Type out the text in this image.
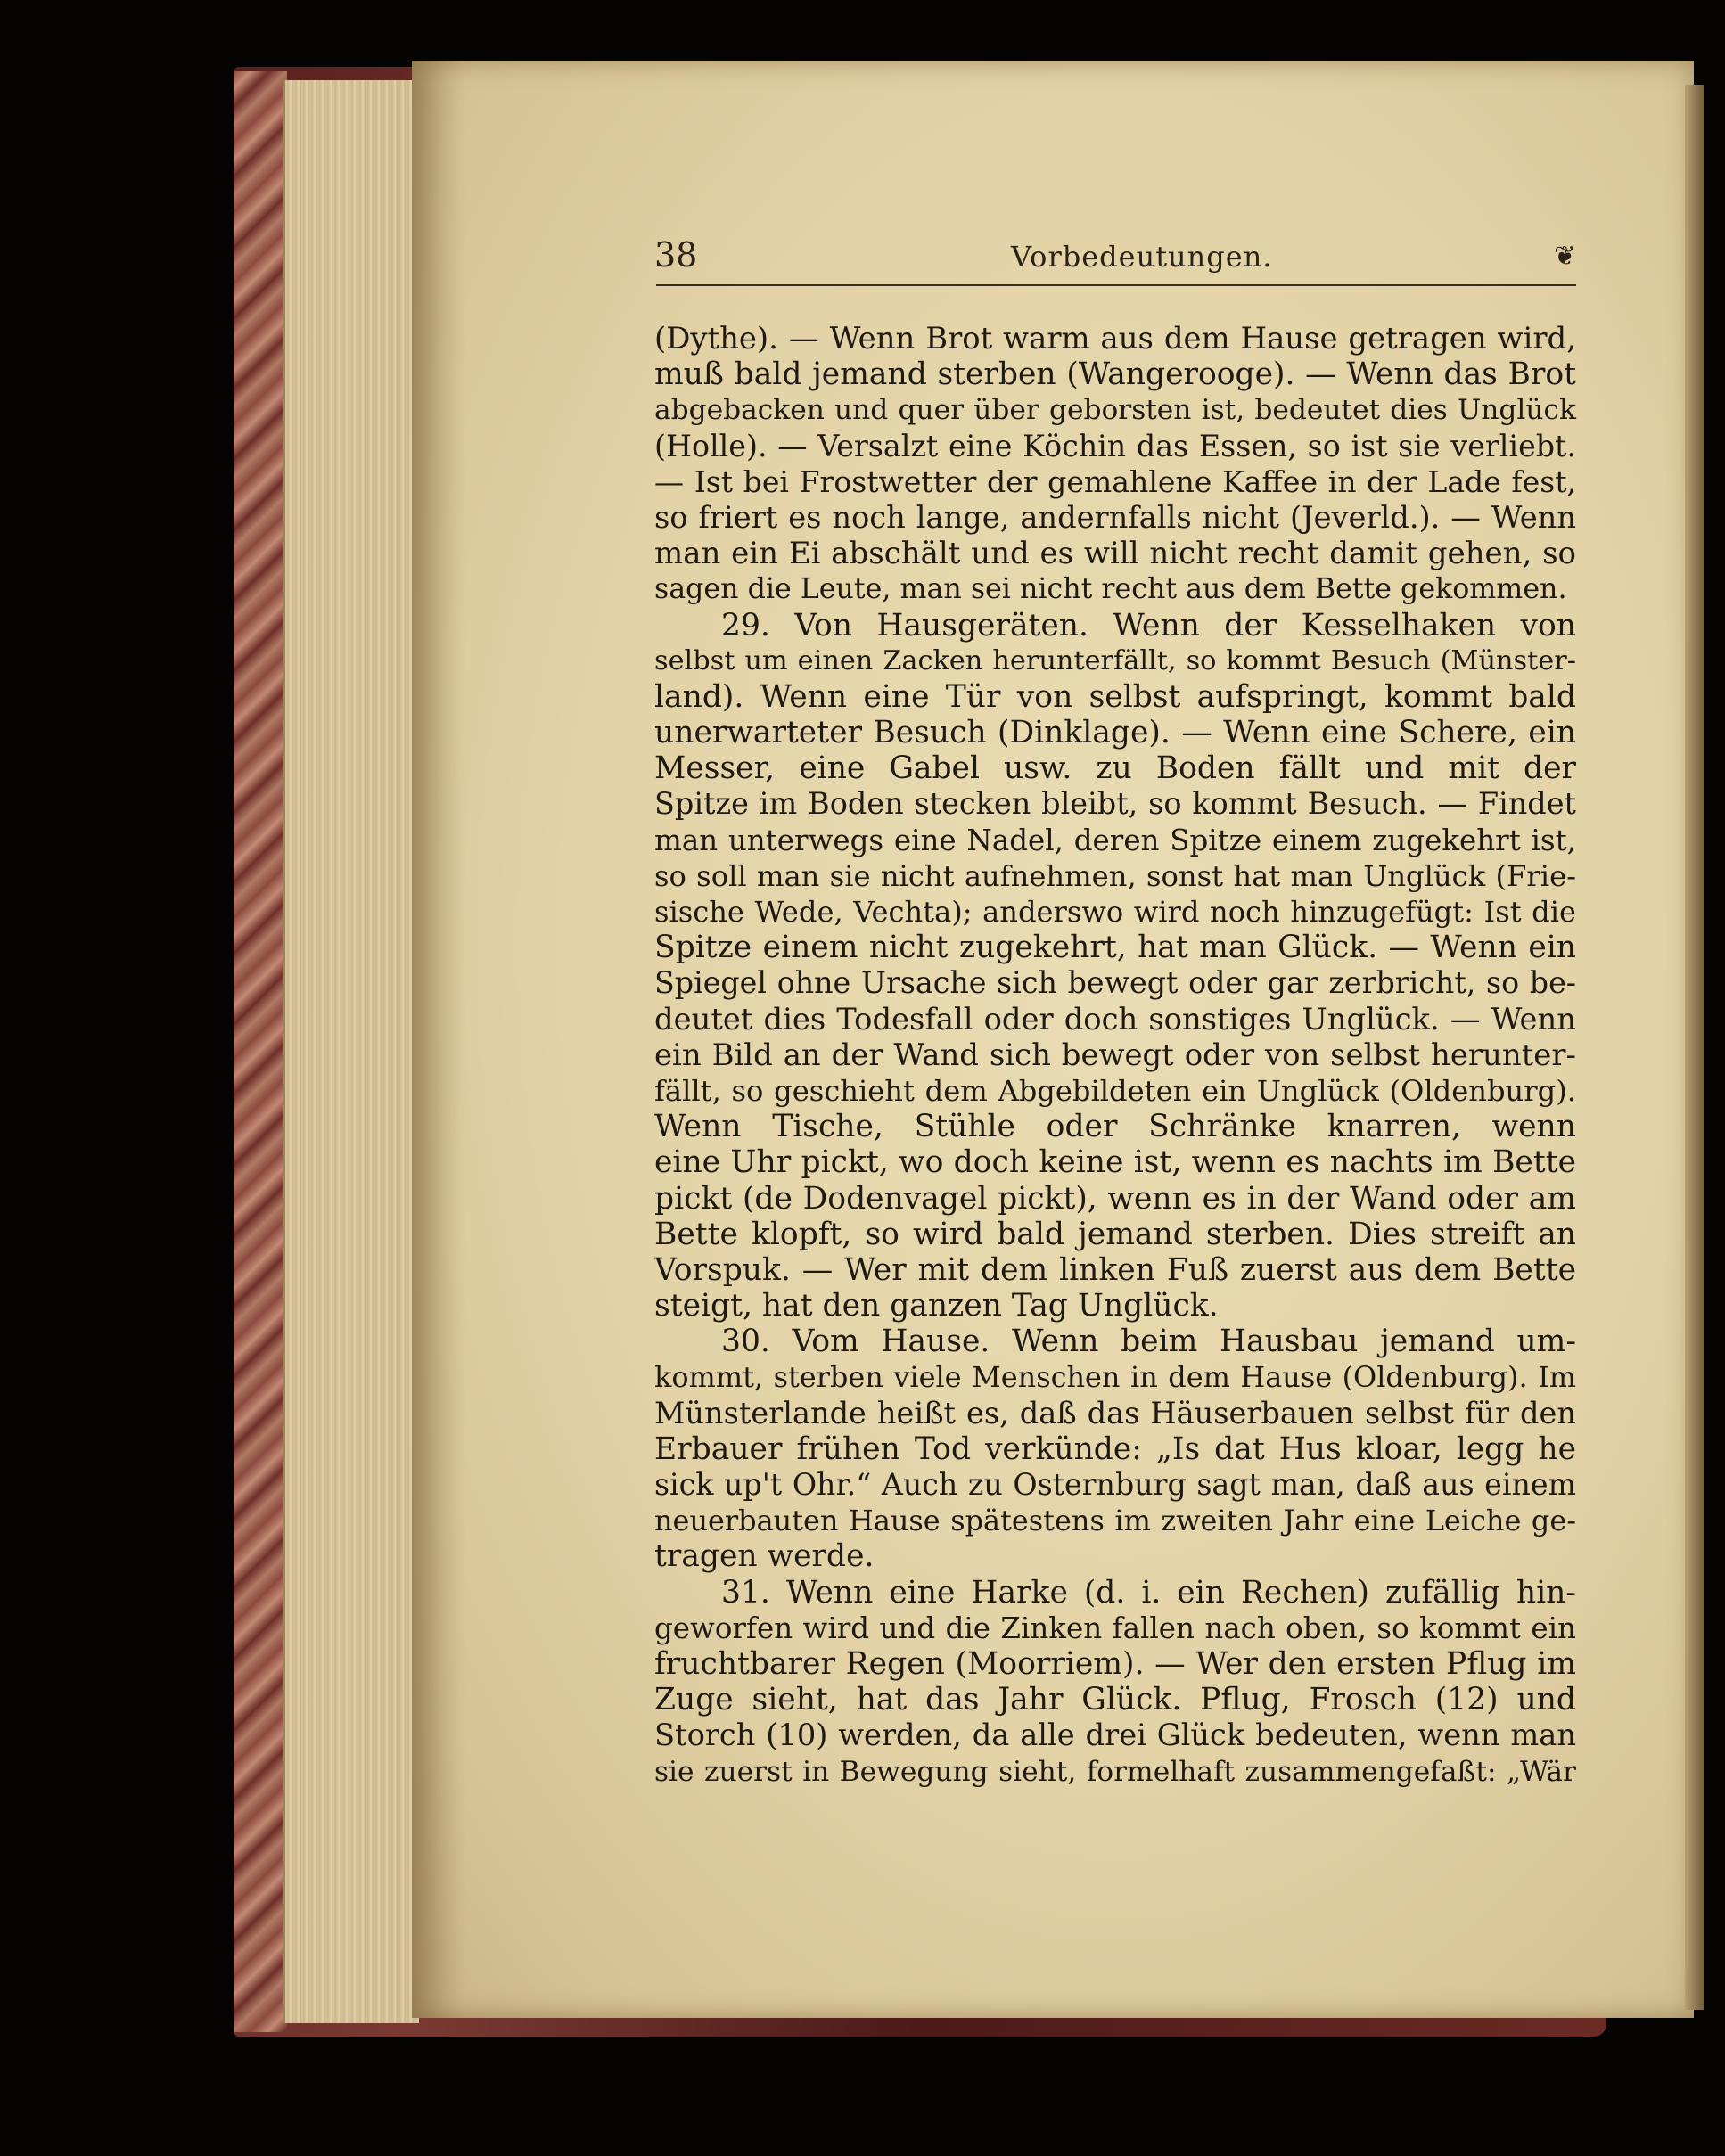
38	Vorbedeutungen.	❦
(Dythe). — Wenn Brot warm aus dem Hause getragen wird,
muß bald jemand sterben (Wangerooge). — Wenn das Brot
abgebacken und quer über geborsten ist, bedeutet dies Unglück
(Holle). — Versalzt eine Köchin das Essen, so ist sie verliebt.
— Ist bei Frostwetter der gemahlene Kaffee in der Lade fest,
so friert es noch lange, andernfalls nicht (Jeverld.). — Wenn
man ein Ei abschält und es will nicht recht damit gehen, so
sagen die Leute, man sei nicht recht aus dem Bette gekommen.
29. Von Hausgeräten. Wenn der Kesselhaken von
selbst um einen Zacken herunterfällt, so kommt Besuch (Münster-
land). Wenn eine Tür von selbst aufspringt, kommt bald
unerwarteter Besuch (Dinklage). — Wenn eine Schere, ein
Messer, eine Gabel usw. zu Boden fällt und mit der
Spitze im Boden stecken bleibt, so kommt Besuch. — Findet
man unterwegs eine Nadel, deren Spitze einem zugekehrt ist,
so soll man sie nicht aufnehmen, sonst hat man Unglück (Frie-
sische Wede, Vechta); anderswo wird noch hinzugefügt: Ist die
Spitze einem nicht zugekehrt, hat man Glück. — Wenn ein
Spiegel ohne Ursache sich bewegt oder gar zerbricht, so be-
deutet dies Todesfall oder doch sonstiges Unglück. — Wenn
ein Bild an der Wand sich bewegt oder von selbst herunter-
fällt, so geschieht dem Abgebildeten ein Unglück (Oldenburg).
Wenn Tische, Stühle oder Schränke knarren, wenn
eine Uhr pickt, wo doch keine ist, wenn es nachts im Bette
pickt (de Dodenvagel pickt), wenn es in der Wand oder am
Bette klopft, so wird bald jemand sterben. Dies streift an
Vorspuk. — Wer mit dem linken Fuß zuerst aus dem Bette
steigt, hat den ganzen Tag Unglück.
30. Vom Hause. Wenn beim Hausbau jemand um-
kommt, sterben viele Menschen in dem Hause (Oldenburg). Im
Münsterlande heißt es, daß das Häuserbauen selbst für den
Erbauer frühen Tod verkünde: „Is dat Hus kloar, legg he
sick up't Ohr.“ Auch zu Osternburg sagt man, daß aus einem
neuerbauten Hause spätestens im zweiten Jahr eine Leiche ge-
tragen werde.
31. Wenn eine Harke (d. i. ein Rechen) zufällig hin-
geworfen wird und die Zinken fallen nach oben, so kommt ein
fruchtbarer Regen (Moorriem). — Wer den ersten Pflug im
Zuge sieht, hat das Jahr Glück. Pflug, Frosch (12) und
Storch (10) werden, da alle drei Glück bedeuten, wenn man
sie zuerst in Bewegung sieht, formelhaft zusammengefaßt: „Wär
